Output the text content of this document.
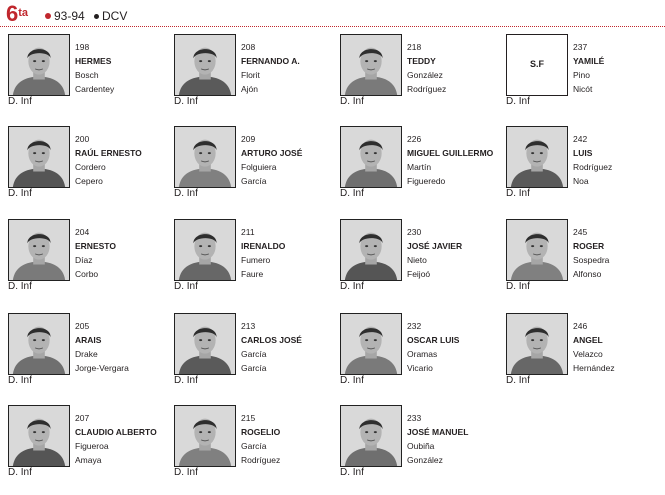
$6^{ta}$	93-94	DCV
D. Inf
198
HERMES
Bosch
Cardentey
D. Inf
208
FERNANDO A.
Florit
Ajón
D. Inf
218
TEDDY
González
Rodríguez
S.F
D. Inf
237
YAMILÉ
Pino
Nicót
D. Inf
200
RAÚL ERNESTO
Cordero
Cepero
D. Inf
209
ARTURO JOSÉ
Folguiera
García
D. Inf
226
MIGUEL GUILLERMO
Martín
Figueredo
D. Inf
242
LUIS
Rodríguez
Noa
D. Inf
204
ERNESTO
Díaz
Corbo
D. Inf
211
IRENALDO
Fumero
Faure
D. Inf
230
JOSÉ JAVIER
Nieto
Feijoó
D. Inf
245
ROGER
Sospedra
Alfonso
D. Inf
205
ARAIS
Drake
Jorge-Vergara
D. Inf
213
CARLOS JOSÉ
García
García
D. Inf
232
OSCAR LUIS
Oramas
Vicario
D. Inf
246
ANGEL
Velazco
Hernández
D. Inf
207
CLAUDIO ALBERTO
Figueroa
Amaya
D. Inf
215
ROGELIO
García
Rodríguez
D. Inf
233
JOSÉ MANUEL
Oubiña
González
